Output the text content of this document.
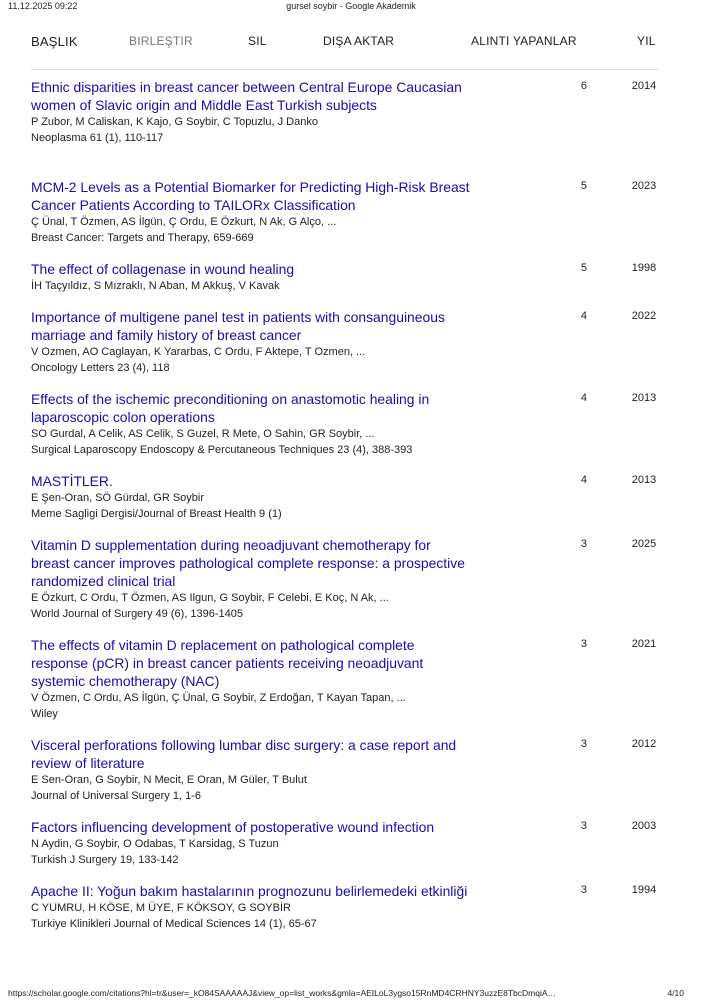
11.12.2025 09:22	gursel soybir - Google Akademik
BAŞLIK	BIRLEŞTIR	SIL	DIŞA AKTAR	ALINTI YAPANLAR	YIL
Ethnic disparities in breast cancer between Central Europe Caucasian women of Slavic origin and Middle East Turkish subjects
P Zubor, M Caliskan, K Kajo, G Soybir, C Topuzlu, J Danko
Neoplasma 61 (1), 110-117
6	2014
MCM-2 Levels as a Potential Biomarker for Predicting High-Risk Breast Cancer Patients According to TAILORx Classification
Ç Ünal, T Özmen, AS İlgün, Ç Ordu, E Özkurt, N Ak, G Alço, ...
Breast Cancer: Targets and Therapy, 659-669
5	2023
The effect of collagenase in wound healing
İH Taçyıldız, S Mızraklı, N Aban, M Akkuş, V Kavak
5	1998
Importance of multigene panel test in patients with consanguineous marriage and family history of breast cancer
V Ozmen, AO Caglayan, K Yararbas, C Ordu, F Aktepe, T Ozmen, ...
Oncology Letters 23 (4), 118
4	2022
Effects of the ischemic preconditioning on anastomotic healing in laparoscopic colon operations
SO Gurdal, A Celik, AS Celik, S Guzel, R Mete, O Sahin, GR Soybir, ...
Surgical Laparoscopy Endoscopy & Percutaneous Techniques 23 (4), 388-393
4	2013
MASTİTLER.
E Şen-Oran, SÖ Gürdal, GR Soybir
Meme Sagligi Dergisi/Journal of Breast Health 9 (1)
4	2013
Vitamin D supplementation during neoadjuvant chemotherapy for breast cancer improves pathological complete response: a prospective randomized clinical trial
E Özkurt, C Ordu, T Özmen, AS Ilgun, G Soybir, F Celebi, E Koç, N Ak, ...
World Journal of Surgery 49 (6), 1396-1405
3	2025
The effects of vitamin D replacement on pathological complete response (pCR) in breast cancer patients receiving neoadjuvant systemic chemotherapy (NAC)
V Özmen, C Ordu, AS İlgün, Ç Ünal, G Soybir, Z Erdoğan, T Kayan Tapan, ...
Wiley
3	2021
Visceral perforations following lumbar disc surgery: a case report and review of literature
E Sen-Oran, G Soybir, N Mecit, E Oran, M Güler, T Bulut
Journal of Universal Surgery 1, 1-6
3	2012
Factors influencing development of postoperative wound infection
N Aydin, G Soybir, O Odabas, T Karsidag, S Tuzun
Turkish J Surgery 19, 133-142
3	2003
Apache II: Yoğun bakım hastalarının prognozunu belirlemedeki etkinliği
C YUMRU, H KÖSE, M ÜYE, F KÖKSOY, G SOYBİR
Turkiye Klinikleri Journal of Medical Sciences 14 (1), 65-67
3	1994
https://scholar.google.com/citations?hl=tr&user=_kO84SAAAAAJ&view_op=list_works&gmla=AEILoL3ygso15RnMD4CRHNY3uzzE8TbcDmqiA…	4/10
